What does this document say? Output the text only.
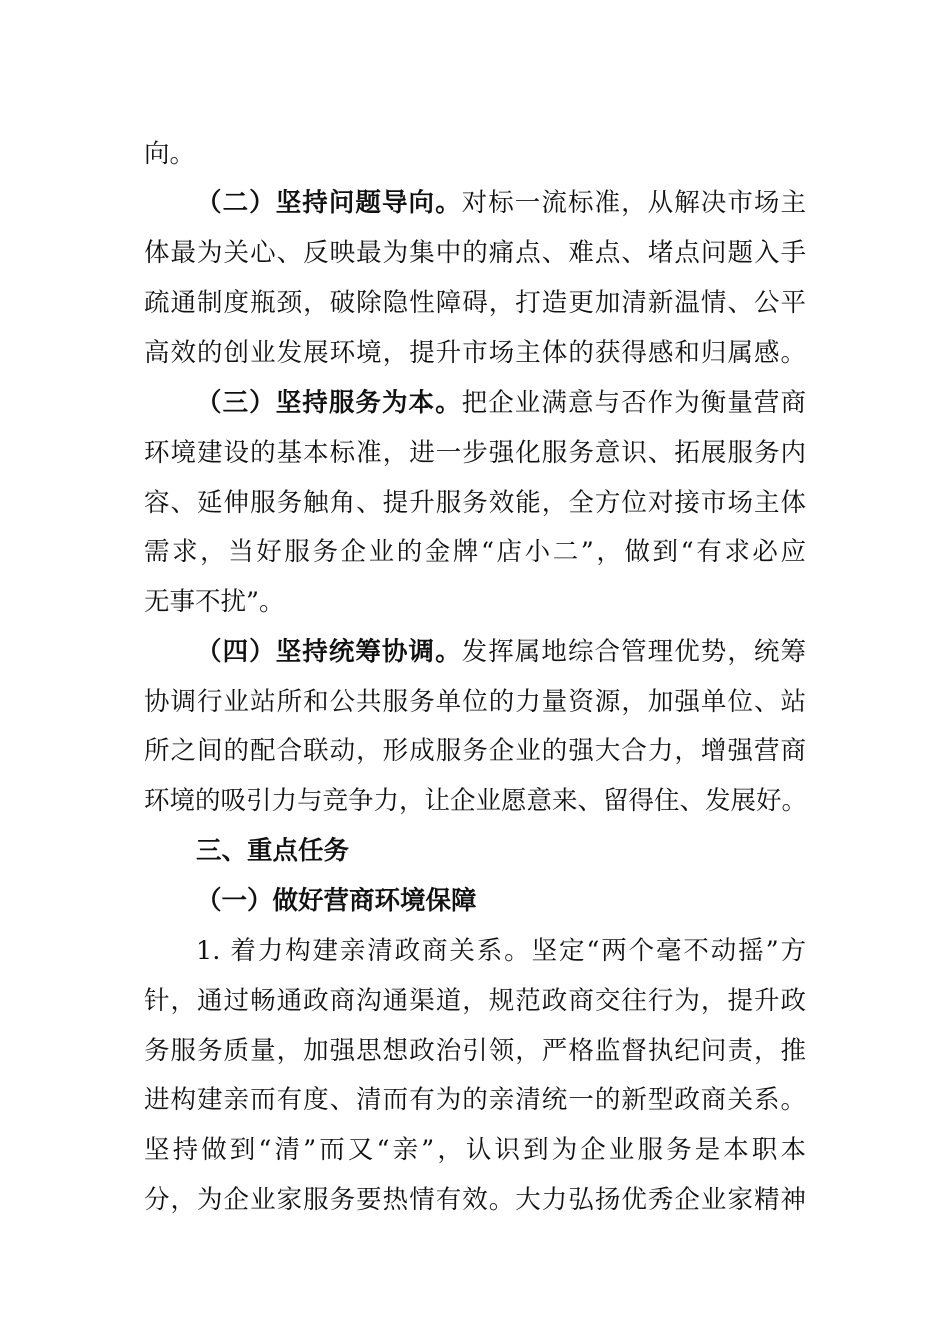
向。
（二）坚持问题导向。对标一流标准，从解决市场主
体最为关心、反映最为集中的痛点、难点、堵点问题入手
疏通制度瓶颈，破除隐性障碍，打造更加清新温情、公平
高效的创业发展环境，提升市场主体的获得感和归属感。
（三）坚持服务为本。把企业满意与否作为衡量营商
环境建设的基本标准，进一步强化服务意识、拓展服务内
容、延伸服务触角、提升服务效能，全方位对接市场主体
需求，当好服务企业的金牌“店小二”，做到“有求必应
无事不扰”。
（四）坚持统筹协调。发挥属地综合管理优势，统筹
协调行业站所和公共服务单位的力量资源，加强单位、站
所之间的配合联动，形成服务企业的强大合力，增强营商
环境的吸引力与竞争力，让企业愿意来、留得住、发展好。
三、重点任务
（一）做好营商环境保障
1. 着力构建亲清政商关系。坚定“两个毫不动摇”方
针，通过畅通政商沟通渠道，规范政商交往行为，提升政
务服务质量，加强思想政治引领，严格监督执纪问责，推
进构建亲而有度、清而有为的亲清统一的新型政商关系。
坚持做到“清”而又“亲”，认识到为企业服务是本职本
分，为企业家服务要热情有效。大力弘扬优秀企业家精神
